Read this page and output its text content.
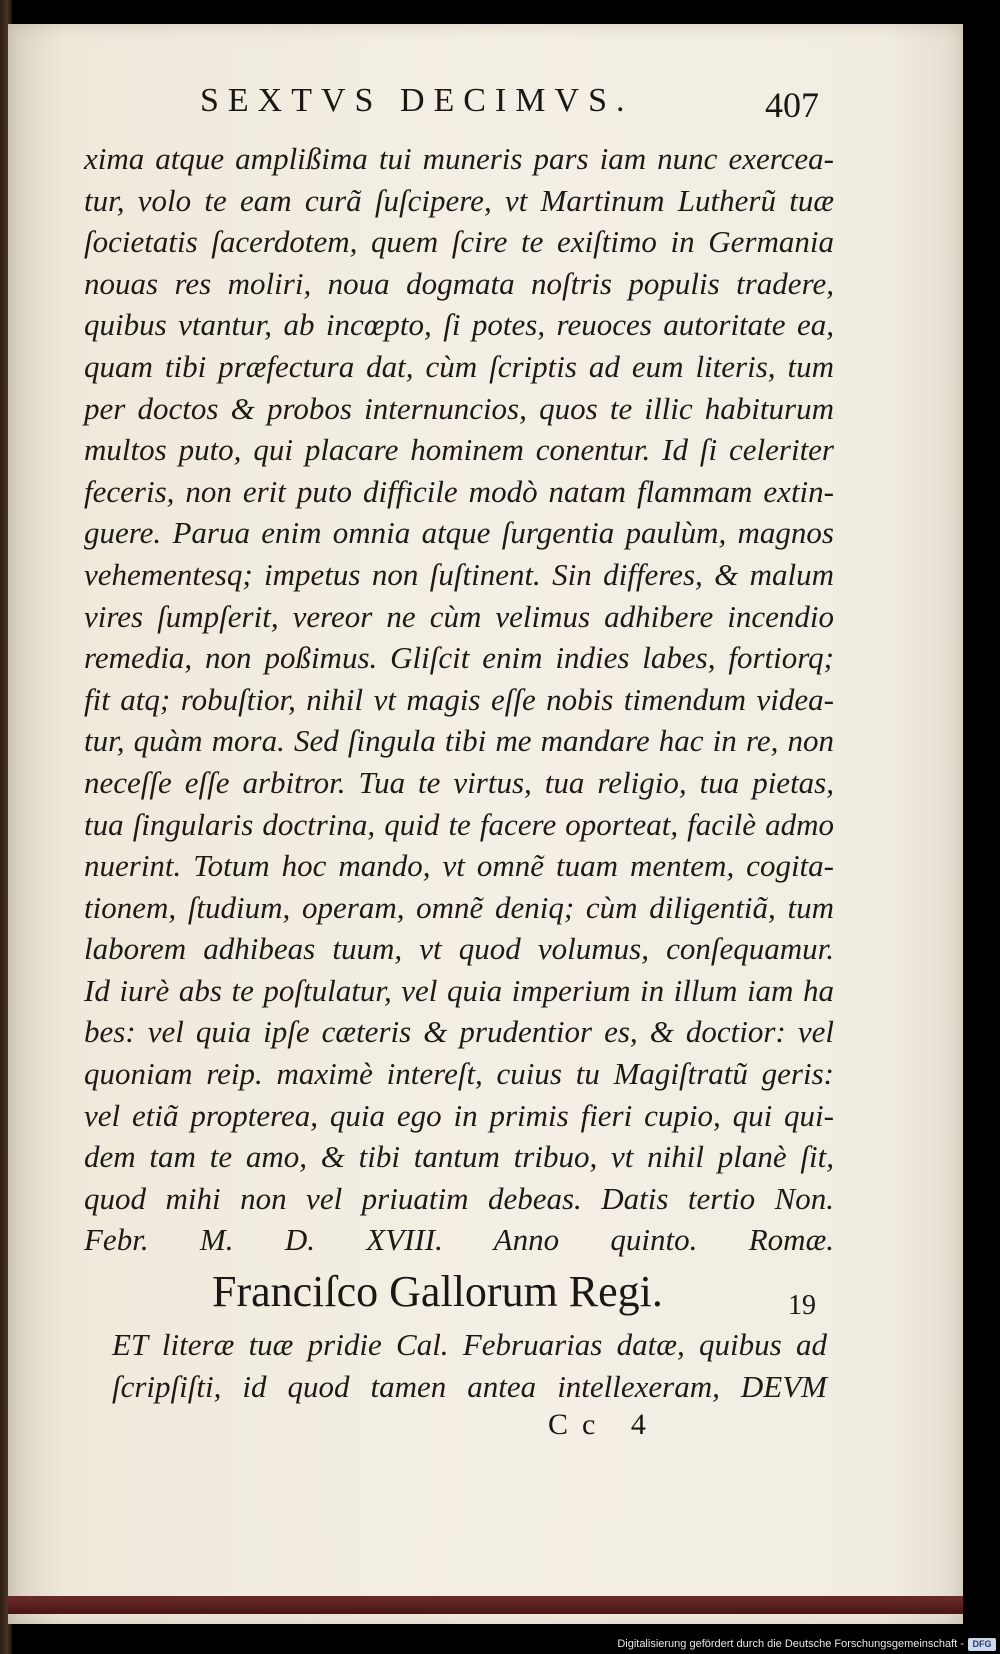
SEXTVS DECIMVS.	407
xima atque amplißima tui muneris pars iam nunc exercea-
tur, volo te eam curã ſuſcipere, vt Martinum Lutherũ tuæ
ſocietatis ſacerdotem, quem ſcire te exiſtimo in Germania
nouas res moliri, noua dogmata noſtris populis tradere,
quibus vtantur, ab incœpto, ſi potes, reuoces autoritate ea,
quam tibi præfectura dat, cùm ſcriptis ad eum literis, tum
per doctos & probos internuncios, quos te illic habiturum
multos puto, qui placare hominem conentur. Id ſi celeriter
feceris, non erit puto difficile modò natam flammam extin-
guere. Parua enim omnia atque ſurgentia paulùm, magnos
vehementesq; impetus non ſuſtinent. Sin differes, & malum
vires ſumpſerit, vereor ne cùm velimus adhibere incendio
remedia, non poßimus. Gliſcit enim indies labes, fortiorq;
fit atq; robuſtior, nihil vt magis eſſe nobis timendum videa-
tur, quàm mora. Sed ſingula tibi me mandare hac in re, non
neceſſe eſſe arbitror. Tua te virtus, tua religio, tua pietas,
tua ſingularis doctrina, quid te facere oporteat, facilè admo
nuerint. Totum hoc mando, vt omnẽ tuam mentem, cogita-
tionem, ſtudium, operam, omnẽ deniq; cùm diligentiã, tum
laborem adhibeas tuum, vt quod volumus, conſequamur.
Id iurè abs te poſtulatur, vel quia imperium in illum iam ha
bes: vel quia ipſe cæteris & prudentior es, & doctior: vel
quoniam reip. maximè intereſt, cuius tu Magiſtratũ geris:
vel etiã propterea, quia ego in primis fieri cupio, qui qui-
dem tam te amo, & tibi tantum tribuo, vt nihil planè ſit,
quod mihi non vel priuatim debeas. Datis tertio Non.
Febr. M. D. XVIII. Anno quinto. Romæ.
Franciſco Gallorum Regi.	19
ET literæ tuæ pridie Cal. Februarias datæ, quibus ad
ſcripſiſti, id quod tamen antea intellexeram, DEVM
Cc 4
Digitalisierung gefördert durch die Deutsche Forschungsgemeinschaft - DFG
